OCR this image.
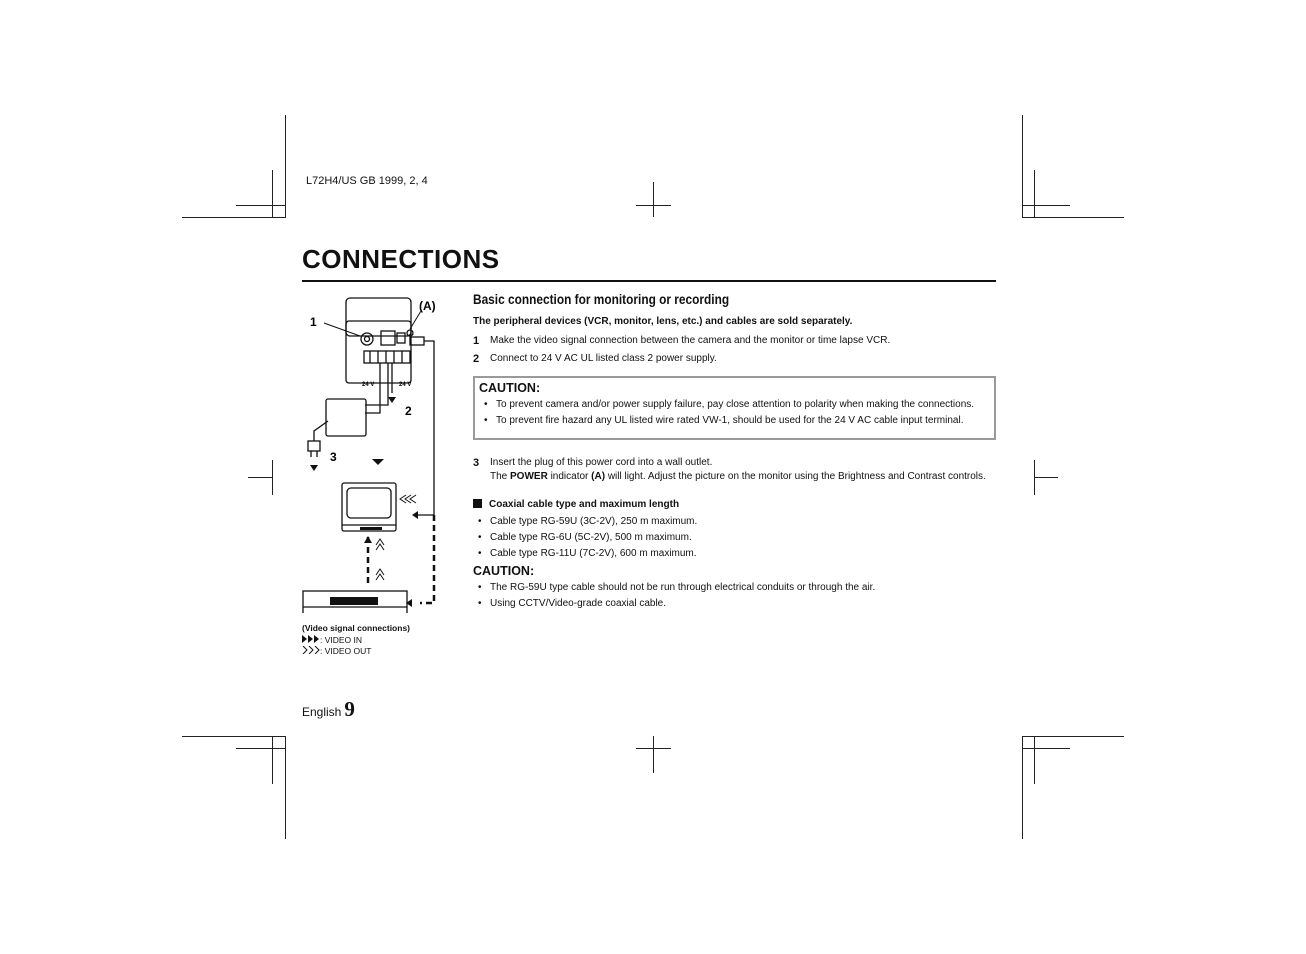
L72H4/US GB 1999, 2, 4
CONNECTIONS
1
(A)
2
3
24 V	24 V
(Video signal connections)
: VIDEO IN
: VIDEO OUT
Basic connection for monitoring or recording
The peripheral devices (VCR, monitor, lens, etc.) and cables are sold separately.
1 Make the video signal connection between the camera and the monitor or time lapse VCR.
2 Connect to 24 V AC UL listed class 2 power supply.
CAUTION:
• To prevent camera and/or power supply failure, pay close attention to polarity when making the connections.
• To prevent fire hazard any UL listed wire rated VW-1, should be used for the 24 V AC cable input terminal.
3 Insert the plug of this power cord into a wall outlet.
The POWER indicator (A) will light. Adjust the picture on the monitor using the Brightness and Contrast controls.
Coaxial cable type and maximum length
• Cable type RG-59U (3C-2V), 250 m maximum.
• Cable type RG-6U (5C-2V), 500 m maximum.
• Cable type RG-11U (7C-2V), 600 m maximum.
CAUTION:
• The RG-59U type cable should not be run through electrical conduits or through the air.
• Using CCTV/Video-grade coaxial cable.
English 9
